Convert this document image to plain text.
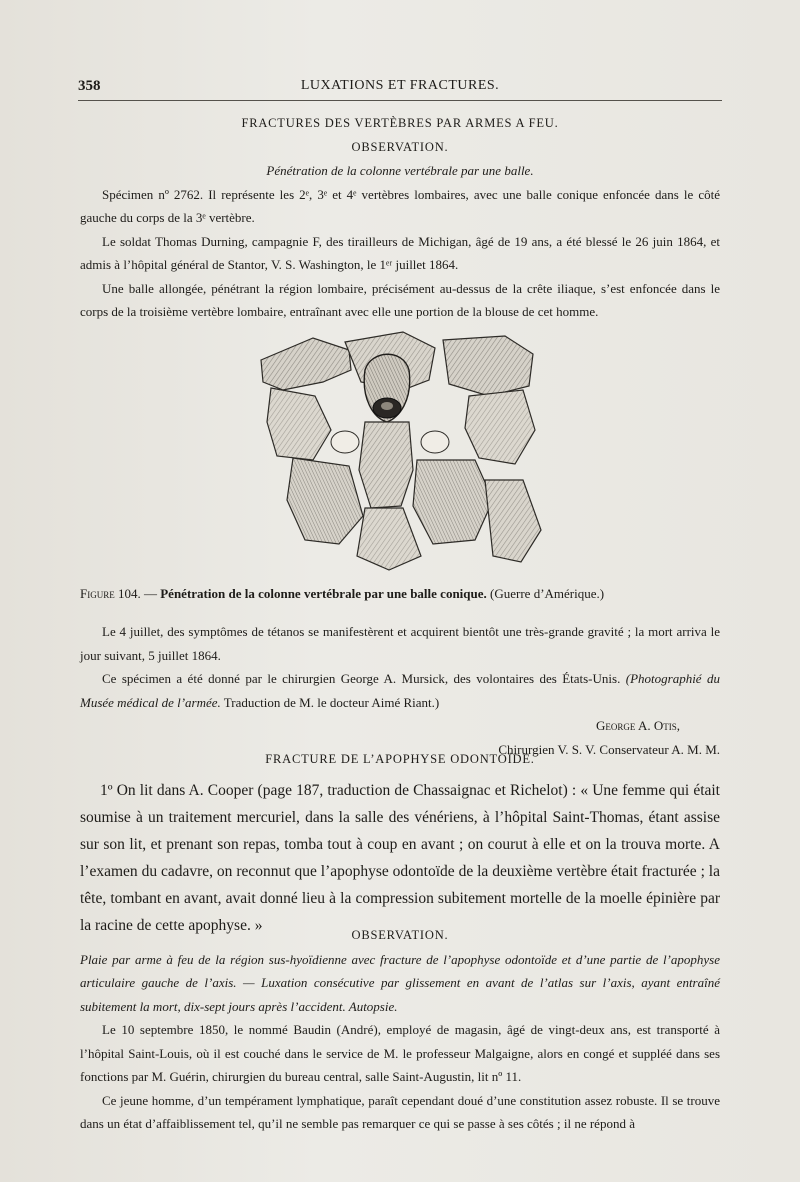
358	LUXATIONS ET FRACTURES.

FRACTURES DES VERTÈBRES PAR ARMES A FEU.

OBSERVATION.

Pénétration de la colonne vertébrale par une balle.

Spécimen nº 2762. Il représente les 2ᵉ, 3ᵉ et 4ᵉ vertèbres lombaires, avec une balle conique enfoncée dans le côté gauche du corps de la 3ᵉ vertèbre.

Le soldat Thomas Durning, campagnie F, des tirailleurs de Michigan, âgé de 19 ans, a été blessé le 26 juin 1864, et admis à l’hôpital général de Stantor, V. S. Washington, le 1ᵉʳ juillet 1864.

Une balle allongée, pénétrant la région lombaire, précisément au-dessus de la crête iliaque, s’est enfoncée dans le corps de la troisième vertèbre lombaire, entraînant avec elle une portion de la blouse de cet homme.

Figure 104. — Pénétration de la colonne vertébrale par une balle conique. (Guerre d’Amérique.)

Le 4 juillet, des symptômes de tétanos se manifestèrent et acquirent bientôt une très-grande gravité ; la mort arriva le jour suivant, 5 juillet 1864.

Ce spécimen a été donné par le chirurgien George A. Mursick, des volontaires des États-Unis. (Photographié du Musée médical de l’armée. Traduction de M. le docteur Aimé Riant.)

George A. Otis,

Chirurgien V. S. V. Conservateur A. M. M.

FRACTURE DE L’APOPHYSE ODONTOÏDE.

1º On lit dans A. Cooper (page 187, traduction de Chassaignac et Richelot) : « Une femme qui était soumise à un traitement mercuriel, dans la salle des vénériens, à l’hôpital Saint-Thomas, étant assise sur son lit, et prenant son repas, tomba tout à coup en avant ; on courut à elle et on la trouva morte. A l’examen du cadavre, on reconnut que l’apophyse odontoïde de la deuxième vertèbre était fracturée ; la tête, tombant en avant, avait donné lieu à la compression subitement mortelle de la moelle épinière par la racine de cette apophyse. »

OBSERVATION.

Plaie par arme à feu de la région sus-hyoïdienne avec fracture de l’apophyse odontoïde et d’une partie de l’apophyse articulaire gauche de l’axis. — Luxation consécutive par glissement en avant de l’atlas sur l’axis, ayant entraîné subitement la mort, dix-sept jours après l’accident. Autopsie.

Le 10 septembre 1850, le nommé Baudin (André), employé de magasin, âgé de vingt-deux ans, est transporté à l’hôpital Saint-Louis, où il est couché dans le service de M. le professeur Malgaigne, alors en congé et suppléé dans ses fonctions par M. Guérin, chirurgien du bureau central, salle Saint-Augustin, lit nº 11.

Ce jeune homme, d’un tempérament lymphatique, paraît cependant doué d’une constitution assez robuste. Il se trouve dans un état d’affaiblissement tel, qu’il ne semble pas remarquer ce qui se passe à ses côtés ; il ne répond à
